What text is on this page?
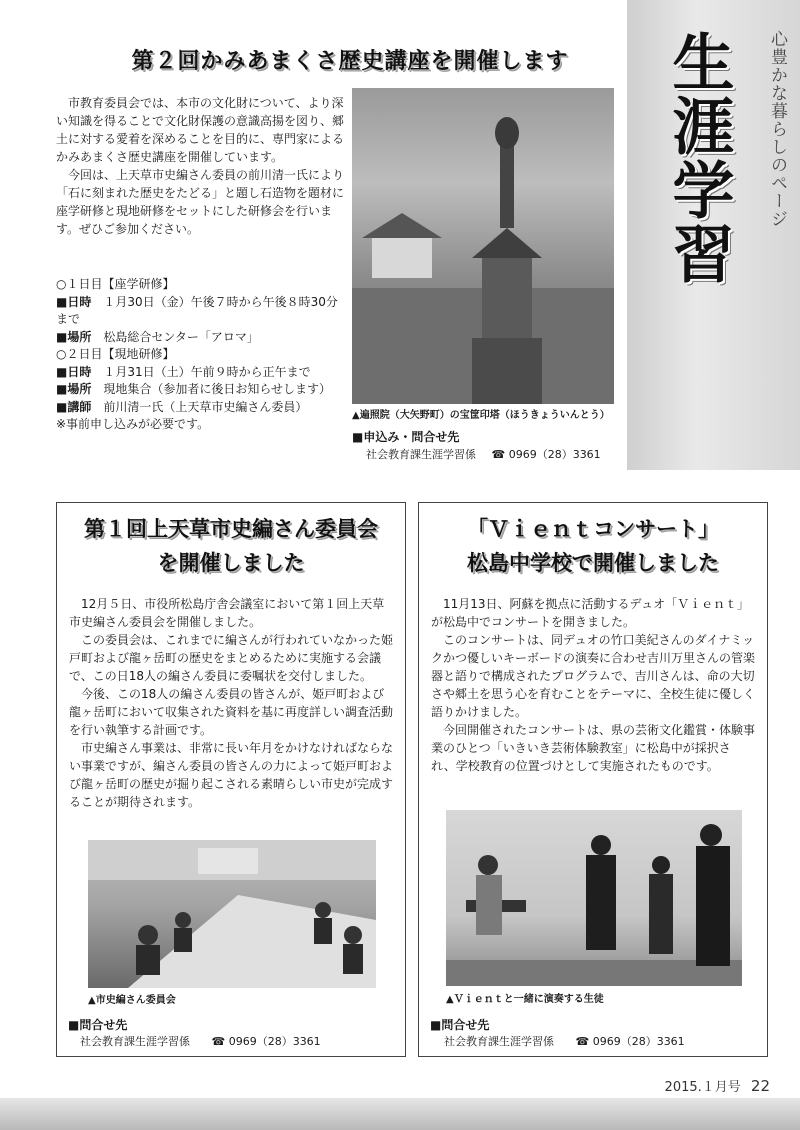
心豊かな暮らしのページ
生涯学習
第２回かみあまくさ歴史講座を開催します

市教育委員会では、本市の文化財について、より深い知識を得ることで文化財保護の意識高揚を図り、郷土に対する愛着を深めることを目的に、専門家によるかみあまくさ歴史講座を開催しています。

今回は、上天草市史編さん委員の前川清一氏により「石に刻まれた歴史をたどる」と題し石造物を題材に座学研修と現地研修をセットにした研修会を行います。ぜひご参加ください。

○１日目【座学研修】

■日時　 １月30日（金）午後７時から午後８時30分まで

■場所　 松島総合センター「アロマ」

○２日目【現地研修】

■日時　 １月31日（土）午前９時から正午まで

■場所　 現地集合（参加者に後日お知らせします）

■講師　 前川清一氏（上天草市史編さん委員）

※事前申し込みが必要です。

▲遍照院（大矢野町）の宝筐印塔（ほうきょういんとう）
■申込み・問合せ先
社会教育課生涯学習係 ☎ 0969（28）3361
第１回上天草市史編さん委員会
を開催しました

12月５日、市役所松島庁舎会議室において第１回上天草市史編さん委員会を開催しました。

この委員会は、これまでに編さんが行われていなかった姫戸町および龍ヶ岳町の歴史をまとめるために実施する会議で、この日18人の編さん委員に委嘱状を交付しました。

今後、この18人の編さん委員の皆さんが、姫戸町および龍ヶ岳町において収集された資料を基に再度詳しい調査活動を行い執筆する計画です。

市史編さん事業は、非常に長い年月をかけなければならない事業ですが、編さん委員の皆さんの力によって姫戸町および龍ヶ岳町の歴史が掘り起こされる素晴らしい市史が完成することが期待されます。

▲市史編さん委員会
■問合せ先
社会教育課生涯学習係 ☎ 0969（28）3361
「Ｖｉｅｎｔコンサート」
松島中学校で開催しました

11月13日、阿蘇を拠点に活動するデュオ「Ｖｉｅｎｔ」が松島中でコンサートを開きました。

このコンサートは、同デュオの竹口美紀さんのダイナミックかつ優しいキーボードの演奏に合わせ吉川万里さんの管楽器と語りで構成されたプログラムで、吉川さんは、命の大切さや郷土を思う心を育むことをテーマに、全校生徒に優しく語りかけました。

今回開催されたコンサートは、県の芸術文化鑑賞・体験事業のひとつ「いきいき芸術体験教室」に松島中が採択され、学校教育の位置づけとして実施されたものです。

▲Ｖｉｅｎｔと一緒に演奏する生徒
■問合せ先
社会教育課生涯学習係 ☎ 0969（28）3361
2015.１月号 22
